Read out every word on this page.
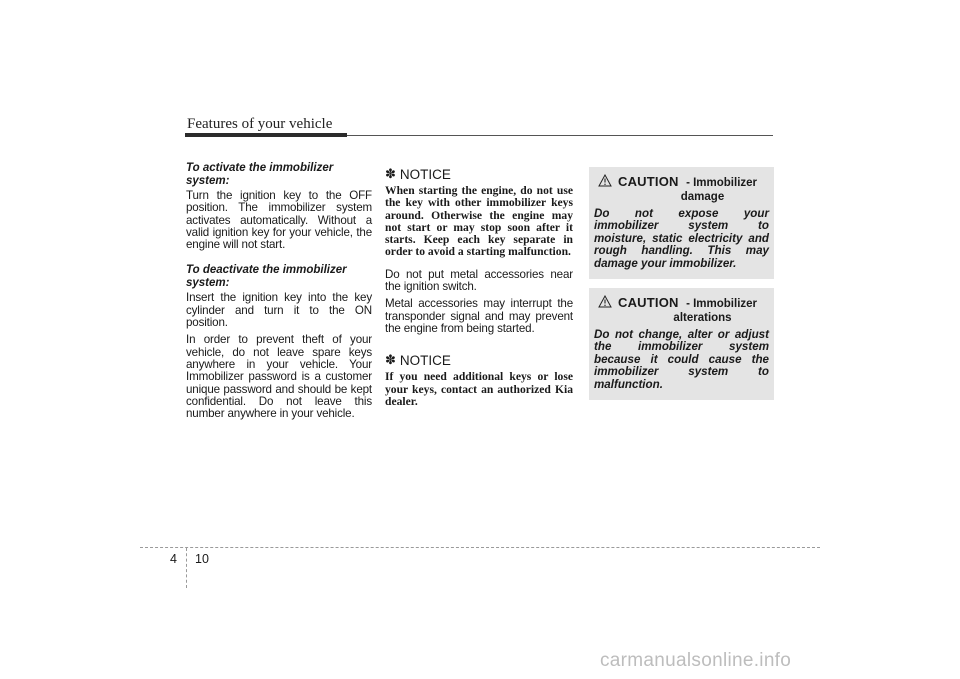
Features of your vehicle
To activate the immobilizer system:

Turn the ignition key to the OFF position. The immobilizer system activates automatically. Without a valid ignition key for your vehicle, the engine will not start.

To deactivate the immobilizer system:

Insert the ignition key into the key cylinder and turn it to the ON position.

In order to prevent theft of your vehicle, do not leave spare keys anywhere in your vehicle. Your Immobilizer password is a customer unique password and should be kept confidential. Do not leave this number anywhere in your vehicle.

✽ NOTICE

When starting the engine, do not use the key with other immobilizer keys around. Otherwise the engine may not start or may stop soon after it starts. Keep each key separate in order to avoid a starting malfunction.

Do not put metal accessories near the ignition switch.

Metal accessories may interrupt the transponder signal and may prevent the engine from being started.

✽ NOTICE

If you need additional keys or lose your keys, contact an authorized Kia dealer.

CAUTION - Immobilizer
damage

Do not expose your immobilizer system to moisture, static electricity and rough handling. This may damage your immobilizer.

CAUTION - Immobilizer
alterations

Do not change, alter or adjust the immobilizer system because it could cause the immobilizer system to malfunction.

4 10
carmanualsonline.info
